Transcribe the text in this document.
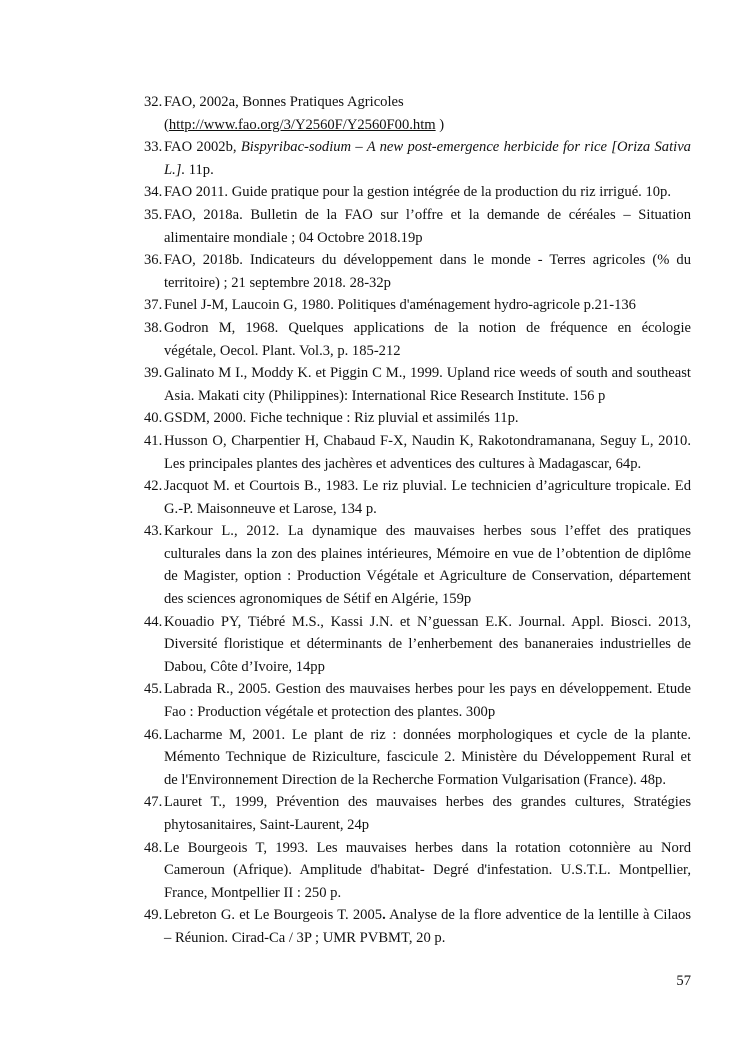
32. FAO, 2002a, Bonnes Pratiques Agricoles
(http://www.fao.org/3/Y2560F/Y2560F00.htm )
33. FAO 2002b, Bispyribac-sodium – A new post-emergence herbicide for rice [Oriza Sativa
L.]. 11p.
34. FAO 2011. Guide pratique pour la gestion intégrée de la production du riz irrigué. 10p.
35. FAO, 2018a. Bulletin de la FAO sur l’offre et la demande de céréales – Situation
alimentaire mondiale ; 04 Octobre 2018.19p
36. FAO, 2018b. Indicateurs du développement dans le monde - Terres agricoles (% du
territoire) ; 21 septembre 2018. 28-32p
37. Funel J-M, Laucoin G, 1980. Politiques d'aménagement hydro-agricole p.21-136
38. Godron M, 1968. Quelques applications de la notion de fréquence en écologie
végétale, Oecol. Plant. Vol.3, p. 185-212
39. Galinato M I., Moddy K. et Piggin C M., 1999. Upland rice weeds of south and southeast
Asia. Makati city (Philippines): International Rice Research Institute. 156 p
40. GSDM, 2000. Fiche technique : Riz pluvial et assimilés 11p.
41. Husson O, Charpentier H, Chabaud F-X, Naudin K, Rakotondramanana, Seguy L, 2010.
Les principales plantes des jachères et adventices des cultures à Madagascar, 64p.
42. Jacquot M. et Courtois B., 1983. Le riz pluvial. Le technicien d’agriculture tropicale. Ed
G.-P. Maisonneuve et Larose, 134 p.
43. Karkour L., 2012. La dynamique des mauvaises herbes sous l’effet des pratiques
culturales dans la zon des plaines intérieures, Mémoire en vue de l’obtention de diplôme
de Magister, option : Production Végétale et Agriculture de Conservation, département
des sciences agronomiques de Sétif en Algérie, 159p
44. Kouadio PY, Tiébré M.S., Kassi J.N. et N’guessan E.K. Journal. Appl. Biosci. 2013,
Diversité floristique et déterminants de l’enherbement des bananeraies industrielles de
Dabou, Côte d’Ivoire, 14pp
45. Labrada R., 2005. Gestion des mauvaises herbes pour les pays en développement. Etude
Fao : Production végétale et protection des plantes. 300p
46. Lacharme M, 2001. Le plant de riz : données morphologiques et cycle de la plante.
Mémento Technique de Riziculture, fascicule 2. Ministère du Développement Rural et
de l'Environnement Direction de la Recherche Formation Vulgarisation (France). 48p.
47. Lauret T., 1999, Prévention des mauvaises herbes des grandes cultures, Stratégies
phytosanitaires, Saint-Laurent, 24p
48. Le Bourgeois T, 1993. Les mauvaises herbes dans la rotation cotonnière au Nord
Cameroun (Afrique). Amplitude d'habitat- Degré d'infestation. U.S.T.L. Montpellier,
France, Montpellier II : 250 p.
49. Lebreton G. et Le Bourgeois T. 2005. Analyse de la flore adventice de la lentille à Cilaos
– Réunion. Cirad-Ca / 3P ; UMR PVBMT, 20 p.
57
